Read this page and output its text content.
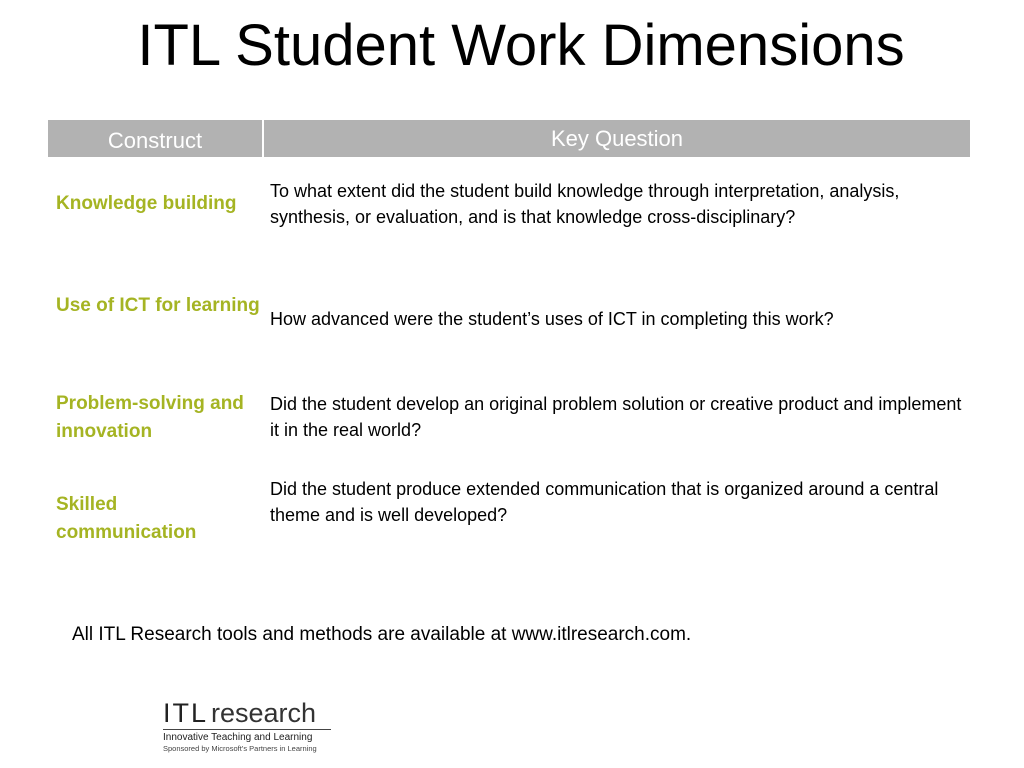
ITL Student Work Dimensions
Construct	Key Question
Knowledge building
To what extent did the student build knowledge through interpretation, analysis, synthesis, or evaluation, and is that knowledge cross-disciplinary?
Use of ICT for learning
How advanced were the student’s uses of ICT in completing this work?
Problem-solving and innovation
Did the student develop an original problem solution or creative product and implement it in the real world?
Skilled communication
Did the student produce extended communication that is organized around a central theme and is well developed?
All ITL Research tools and methods are available at www.itlresearch.com.
ITL research
Innovative Teaching and Learning
Sponsored by Microsoft’s Partners in Learning
